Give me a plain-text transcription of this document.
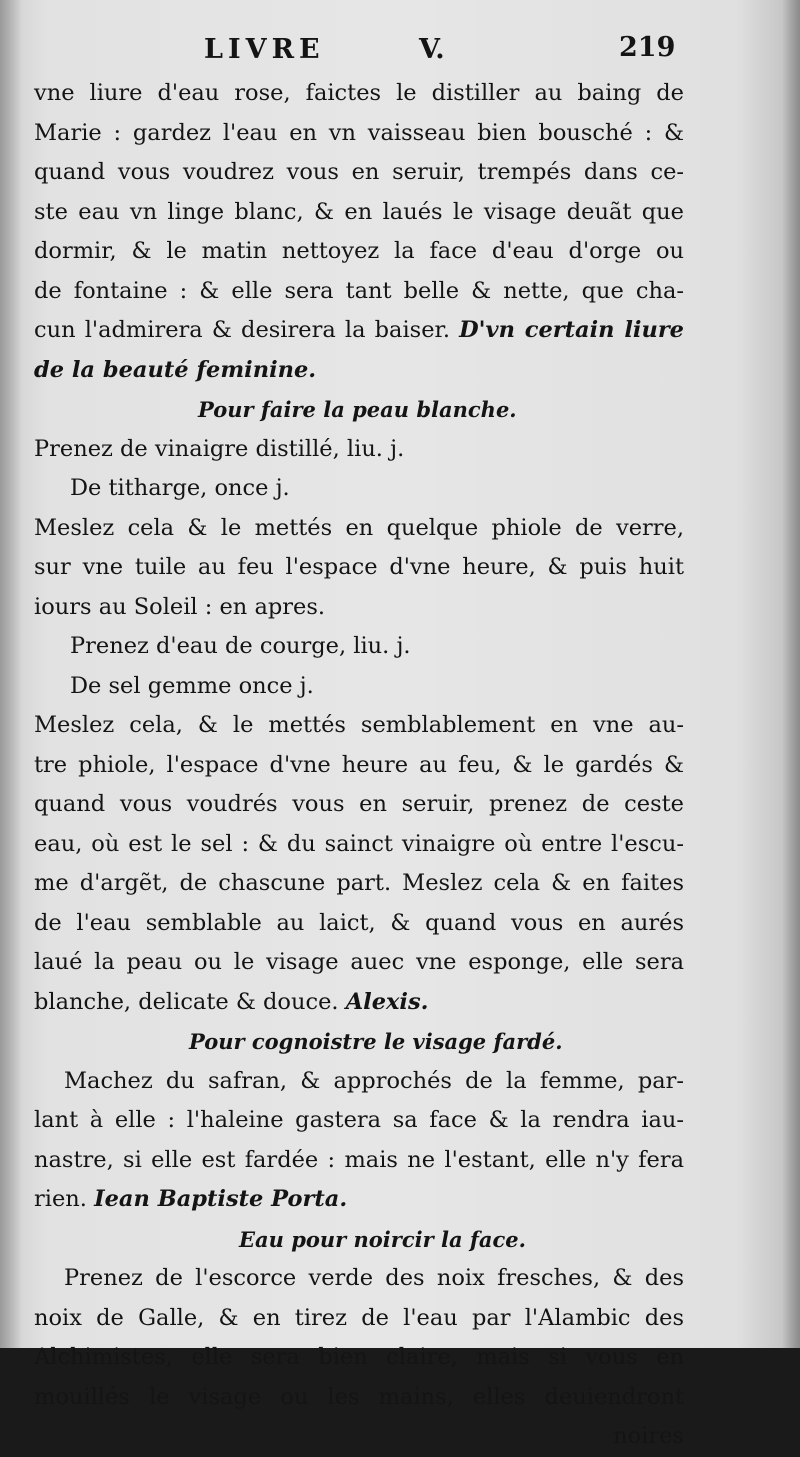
LIVRE	V.	219
vne liure d'eau rose, faictes le distiller au baing de
Marie : gardez l'eau en vn vaisseau bien bousché : &
quand vous voudrez vous en seruir, trempés dans ce-
ste eau vn linge blanc, & en laués le visage deuãt que
dormir, & le matin nettoyez la face d'eau d'orge ou
de fontaine : & elle sera tant belle & nette, que cha-
cun l'admirera & desirera la baiser. D'vn certain liure
de la beauté feminine.
Pour faire la peau blanche.
Prenez de vinaigre distillé, liu. j.
De titharge, once j.
Meslez cela & le mettés en quelque phiole de verre,
sur vne tuile au feu l'espace d'vne heure, & puis huit
iours au Soleil : en apres.
Prenez d'eau de courge, liu. j.
De sel gemme once j.
Meslez cela, & le mettés semblablement en vne au-
tre phiole, l'espace d'vne heure au feu, & le gardés &
quand vous voudrés vous en seruir, prenez de ceste
eau, où est le sel : & du sainct vinaigre où entre l'escu-
me d'argẽt, de chascune part. Meslez cela & en faites
de l'eau semblable au laict, & quand vous en aurés
laué la peau ou le visage auec vne esponge, elle sera
blanche, delicate & douce. Alexis.
Pour cognoistre le visage fardé.
Machez du safran, & approchés de la femme, par-
lant à elle : l'haleine gastera sa face & la rendra iau-
nastre, si elle est fardée : mais ne l'estant, elle n'y fera
rien. Iean Baptiste Porta.
Eau pour noircir la face.
Prenez de l'escorce verde des noix fresches, & des
noix de Galle, & en tirez de l'eau par l'Alambic des
Alchimistes, elle sera bien claire, mais si vous en
mouillés le visage ou les mains, elles deuiendront
noires
